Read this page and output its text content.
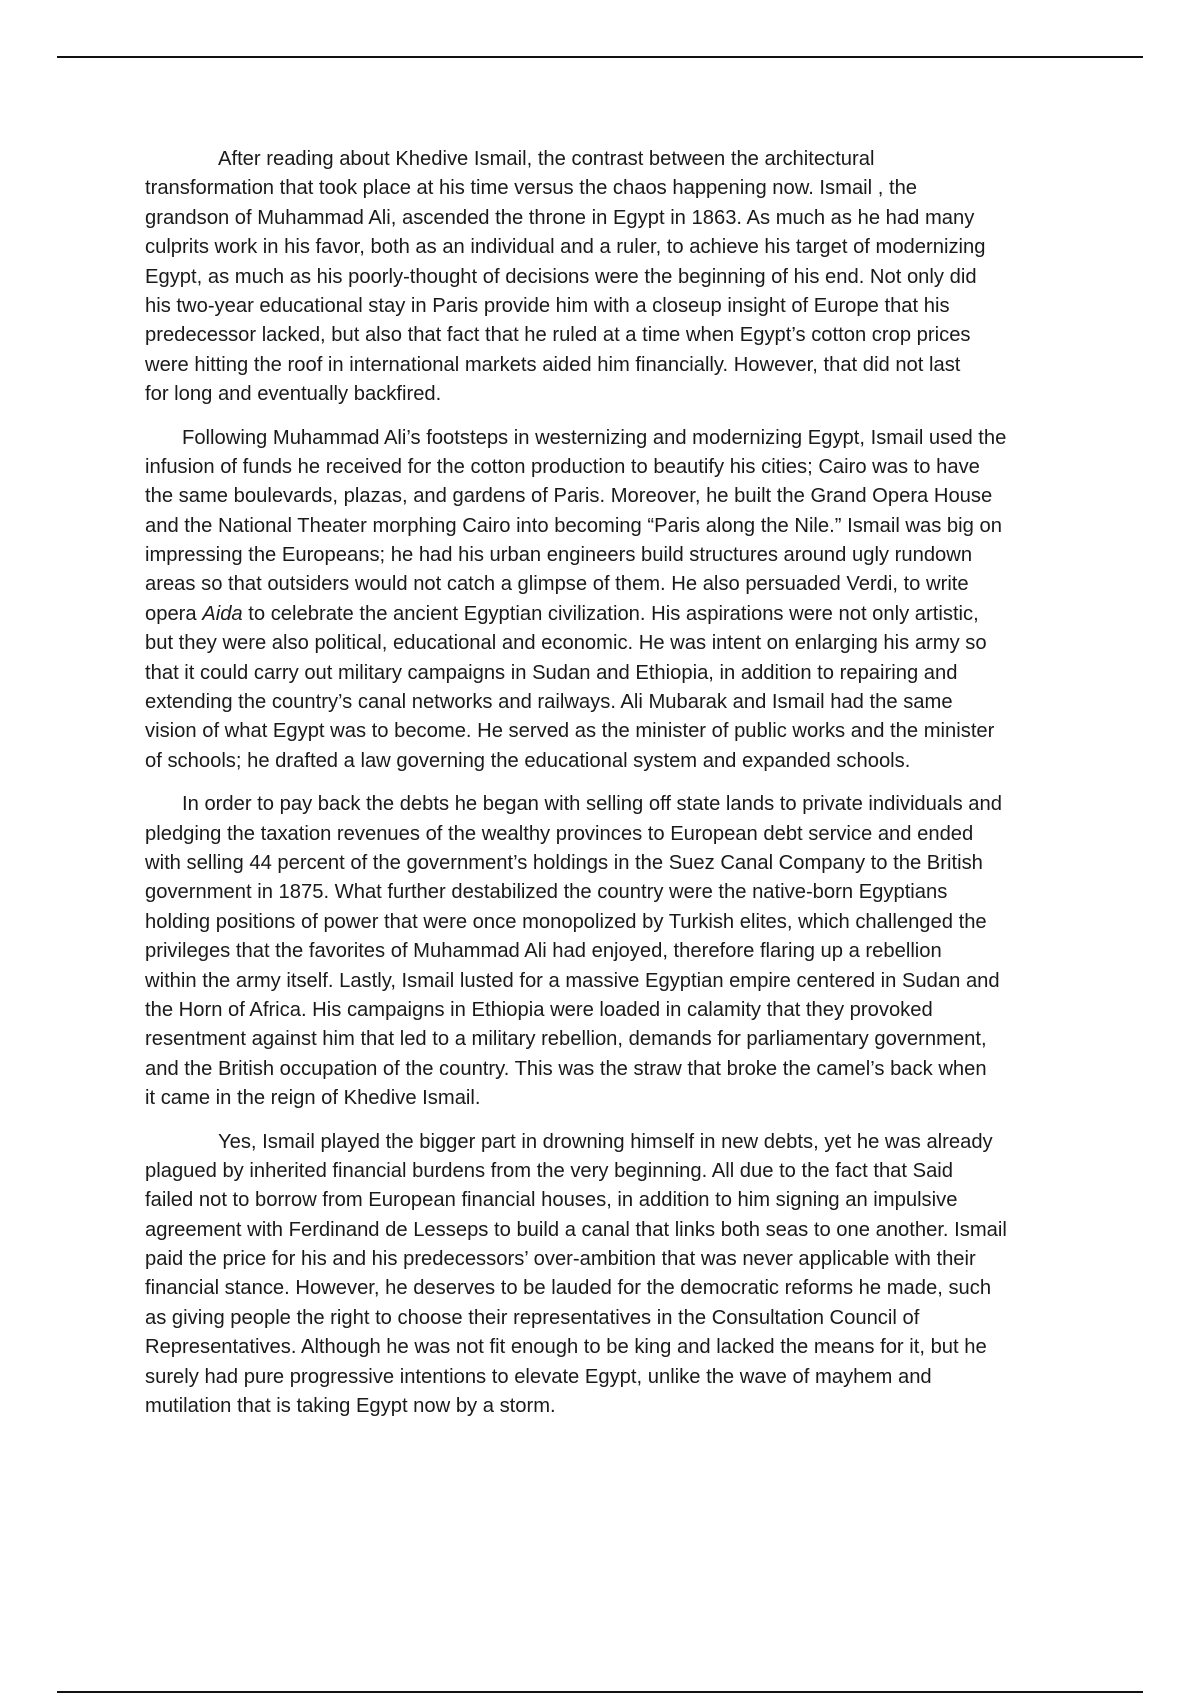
After reading about Khedive Ismail, the contrast between the architectural
transformation that took place at his time versus the chaos happening now. Ismail , the
grandson of Muhammad Ali, ascended the throne in Egypt in 1863. As much as he had many
culprits work in his favor, both as an individual and a ruler, to achieve his target of modernizing
Egypt, as much as his poorly-thought of decisions were the beginning of his end. Not only did
his two-year educational stay in Paris provide him with a closeup insight of Europe that his
predecessor lacked, but also that fact that he ruled at a time when Egypt’s cotton crop prices
were hitting the roof in international markets aided him financially. However, that did not last
for long and eventually backfired.

Following Muhammad Ali’s footsteps in westernizing and modernizing Egypt, Ismail used the
infusion of funds he received for the cotton production to beautify his cities; Cairo was to have
the same boulevards, plazas, and gardens of Paris. Moreover, he built the Grand Opera House
and the National Theater morphing Cairo into becoming “Paris along the Nile.” Ismail was big on
impressing the Europeans; he had his urban engineers build structures around ugly rundown
areas so that outsiders would not catch a glimpse of them. He also persuaded Verdi, to write
opera Aida to celebrate the ancient Egyptian civilization. His aspirations were not only artistic,
but they were also political, educational and economic. He was intent on enlarging his army so
that it could carry out military campaigns in Sudan and Ethiopia, in addition to repairing and
extending the country’s canal networks and railways. Ali Mubarak and Ismail had the same
vision of what Egypt was to become. He served as the minister of public works and the minister
of schools; he drafted a law governing the educational system and expanded schools.

In order to pay back the debts he began with selling off state lands to private individuals and
pledging the taxation revenues of the wealthy provinces to European debt service and ended
with selling 44 percent of the government’s holdings in the Suez Canal Company to the British
government in 1875. What further destabilized the country were the native-born Egyptians
holding positions of power that were once monopolized by Turkish elites, which challenged the
privileges that the favorites of Muhammad Ali had enjoyed, therefore flaring up a rebellion
within the army itself. Lastly, Ismail lusted for a massive Egyptian empire centered in Sudan and
the Horn of Africa. His campaigns in Ethiopia were loaded in calamity that they provoked
resentment against him that led to a military rebellion, demands for parliamentary government,
and the British occupation of the country. This was the straw that broke the camel’s back when
it came in the reign of Khedive Ismail.

Yes, Ismail played the bigger part in drowning himself in new debts, yet he was already
plagued by inherited financial burdens from the very beginning. All due to the fact that Said
failed not to borrow from European financial houses, in addition to him signing an impulsive
agreement with Ferdinand de Lesseps to build a canal that links both seas to one another. Ismail
paid the price for his and his predecessors’ over-ambition that was never applicable with their
financial stance. However, he deserves to be lauded for the democratic reforms he made, such
as giving people the right to choose their representatives in the Consultation Council of
Representatives. Although he was not fit enough to be king and lacked the means for it, but he
surely had pure progressive intentions to elevate Egypt, unlike the wave of mayhem and
mutilation that is taking Egypt now by a storm.
